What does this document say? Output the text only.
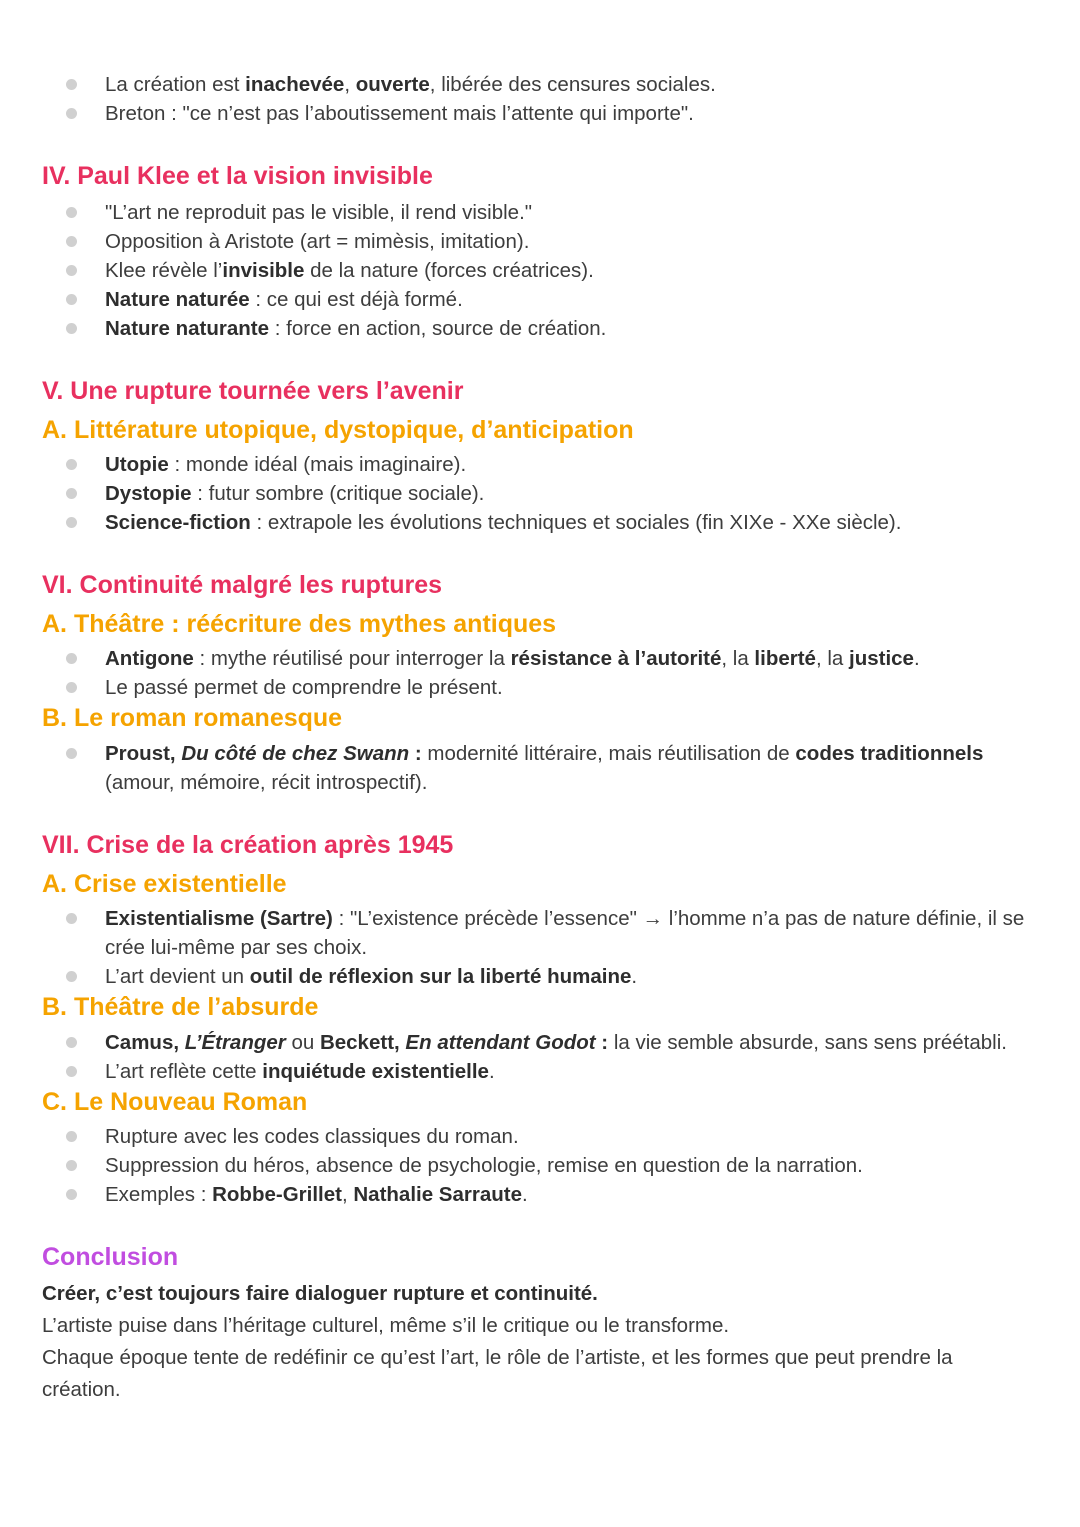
La création est inachevée, ouverte, libérée des censures sociales.
Breton : "ce n’est pas l’aboutissement mais l’attente qui importe".
IV. Paul Klee et la vision invisible
"L’art ne reproduit pas le visible, il rend visible."
Opposition à Aristote (art = mimèsis, imitation).
Klee révèle l’invisible de la nature (forces créatrices).
Nature naturée : ce qui est déjà formé.
Nature naturante : force en action, source de création.
V. Une rupture tournée vers l’avenir
A. Littérature utopique, dystopique, d’anticipation
Utopie : monde idéal (mais imaginaire).
Dystopie : futur sombre (critique sociale).
Science-fiction : extrapole les évolutions techniques et sociales (fin XIXe - XXe siècle).
VI. Continuité malgré les ruptures
A. Théâtre : réécriture des mythes antiques
Antigone : mythe réutilisé pour interroger la résistance à l’autorité, la liberté, la justice.
Le passé permet de comprendre le présent.
B. Le roman romanesque
Proust, Du côté de chez Swann : modernité littéraire, mais réutilisation de codes traditionnels (amour, mémoire, récit introspectif).
VII. Crise de la création après 1945
A. Crise existentielle
Existentialisme (Sartre) : "L’existence précède l’essence" → l’homme n’a pas de nature définie, il se crée lui-même par ses choix.
L’art devient un outil de réflexion sur la liberté humaine.
B. Théâtre de l’absurde
Camus, L’Étranger ou Beckett, En attendant Godot : la vie semble absurde, sans sens préétabli.
L’art reflète cette inquiétude existentielle.
C. Le Nouveau Roman
Rupture avec les codes classiques du roman.
Suppression du héros, absence de psychologie, remise en question de la narration.
Exemples : Robbe-Grillet, Nathalie Sarraute.
Conclusion
Créer, c’est toujours faire dialoguer rupture et continuité.
L’artiste puise dans l’héritage culturel, même s’il le critique ou le transforme.
Chaque époque tente de redéfinir ce qu’est l’art, le rôle de l’artiste, et les formes que peut prendre la création.
